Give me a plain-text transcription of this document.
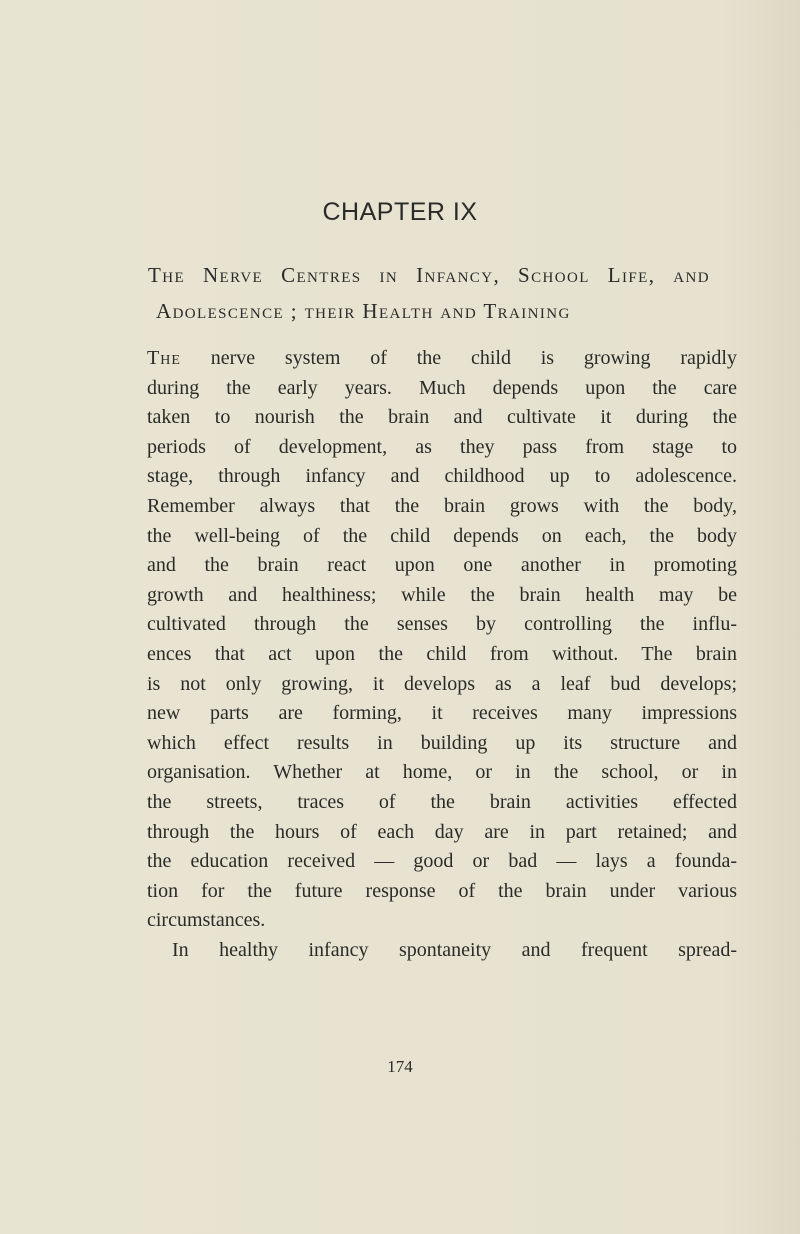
CHAPTER IX
The Nerve Centres in Infancy, School Life, and
Adolescence ; their Health and Training
The nerve system of the child is growing rapidly
during the early years. Much depends upon the care
taken to nourish the brain and cultivate it during the
periods of development, as they pass from stage to
stage, through infancy and childhood up to adolescence.
Remember always that the brain grows with the body,
the well-being of the child depends on each, the body
and the brain react upon one another in promoting
growth and healthiness; while the brain health may be
cultivated through the senses by controlling the influ-
ences that act upon the child from without. The brain
is not only growing, it develops as a leaf bud develops;
new parts are forming, it receives many impressions
which effect results in building up its structure and
organisation. Whether at home, or in the school, or in
the streets, traces of the brain activities effected
through the hours of each day are in part retained; and
the education received — good or bad — lays a founda-
tion for the future response of the brain under various
circumstances.
In healthy infancy spontaneity and frequent spread-
174
